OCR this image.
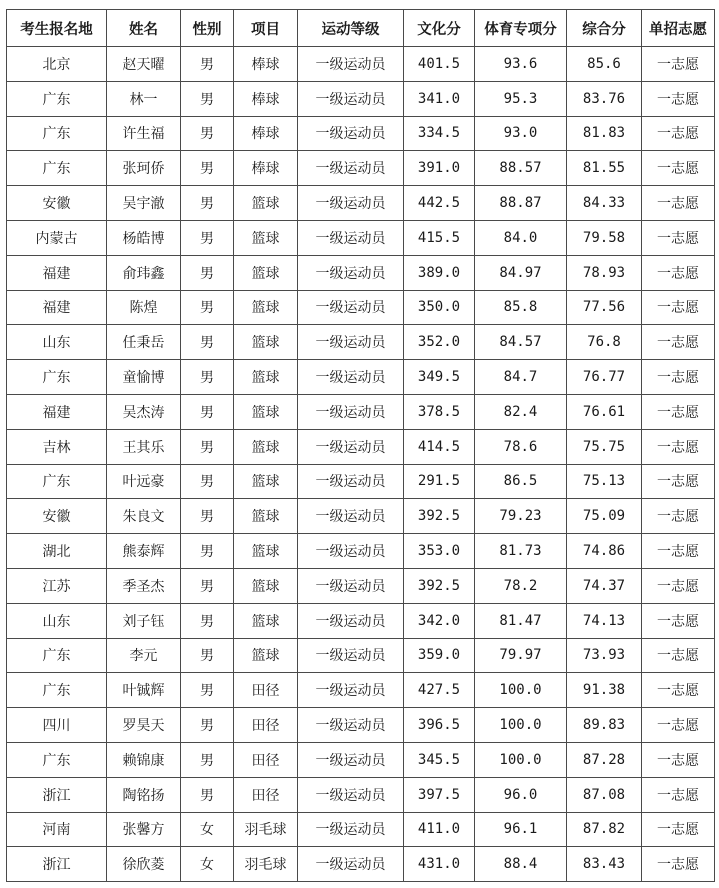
考生报名地	姓名	性别	项目	运动等级	文化分	体育专项分	综合分	单招志愿
北京	赵天曜	男	棒球	一级运动员	401.5	93.6	85.6	一志愿
广东	林一	男	棒球	一级运动员	341.0	95.3	83.76	一志愿
广东	许生福	男	棒球	一级运动员	334.5	93.0	81.83	一志愿
广东	张珂侨	男	棒球	一级运动员	391.0	88.57	81.55	一志愿
安徽	吴宇澈	男	篮球	一级运动员	442.5	88.87	84.33	一志愿
内蒙古	杨皓博	男	篮球	一级运动员	415.5	84.0	79.58	一志愿
福建	俞玮鑫	男	篮球	一级运动员	389.0	84.97	78.93	一志愿
福建	陈煌	男	篮球	一级运动员	350.0	85.8	77.56	一志愿
山东	任秉岳	男	篮球	一级运动员	352.0	84.57	76.8	一志愿
广东	童愉博	男	篮球	一级运动员	349.5	84.7	76.77	一志愿
福建	吴杰涛	男	篮球	一级运动员	378.5	82.4	76.61	一志愿
吉林	王其乐	男	篮球	一级运动员	414.5	78.6	75.75	一志愿
广东	叶远豪	男	篮球	一级运动员	291.5	86.5	75.13	一志愿
安徽	朱良文	男	篮球	一级运动员	392.5	79.23	75.09	一志愿
湖北	熊泰辉	男	篮球	一级运动员	353.0	81.73	74.86	一志愿
江苏	季圣杰	男	篮球	一级运动员	392.5	78.2	74.37	一志愿
山东	刘子钰	男	篮球	一级运动员	342.0	81.47	74.13	一志愿
广东	李元	男	篮球	一级运动员	359.0	79.97	73.93	一志愿
广东	叶铖辉	男	田径	一级运动员	427.5	100.0	91.38	一志愿
四川	罗昊天	男	田径	一级运动员	396.5	100.0	89.83	一志愿
广东	赖锦康	男	田径	一级运动员	345.5	100.0	87.28	一志愿
浙江	陶铭扬	男	田径	一级运动员	397.5	96.0	87.08	一志愿
河南	张馨方	女	羽毛球	一级运动员	411.0	96.1	87.82	一志愿
浙江	徐欣菱	女	羽毛球	一级运动员	431.0	88.4	83.43	一志愿
